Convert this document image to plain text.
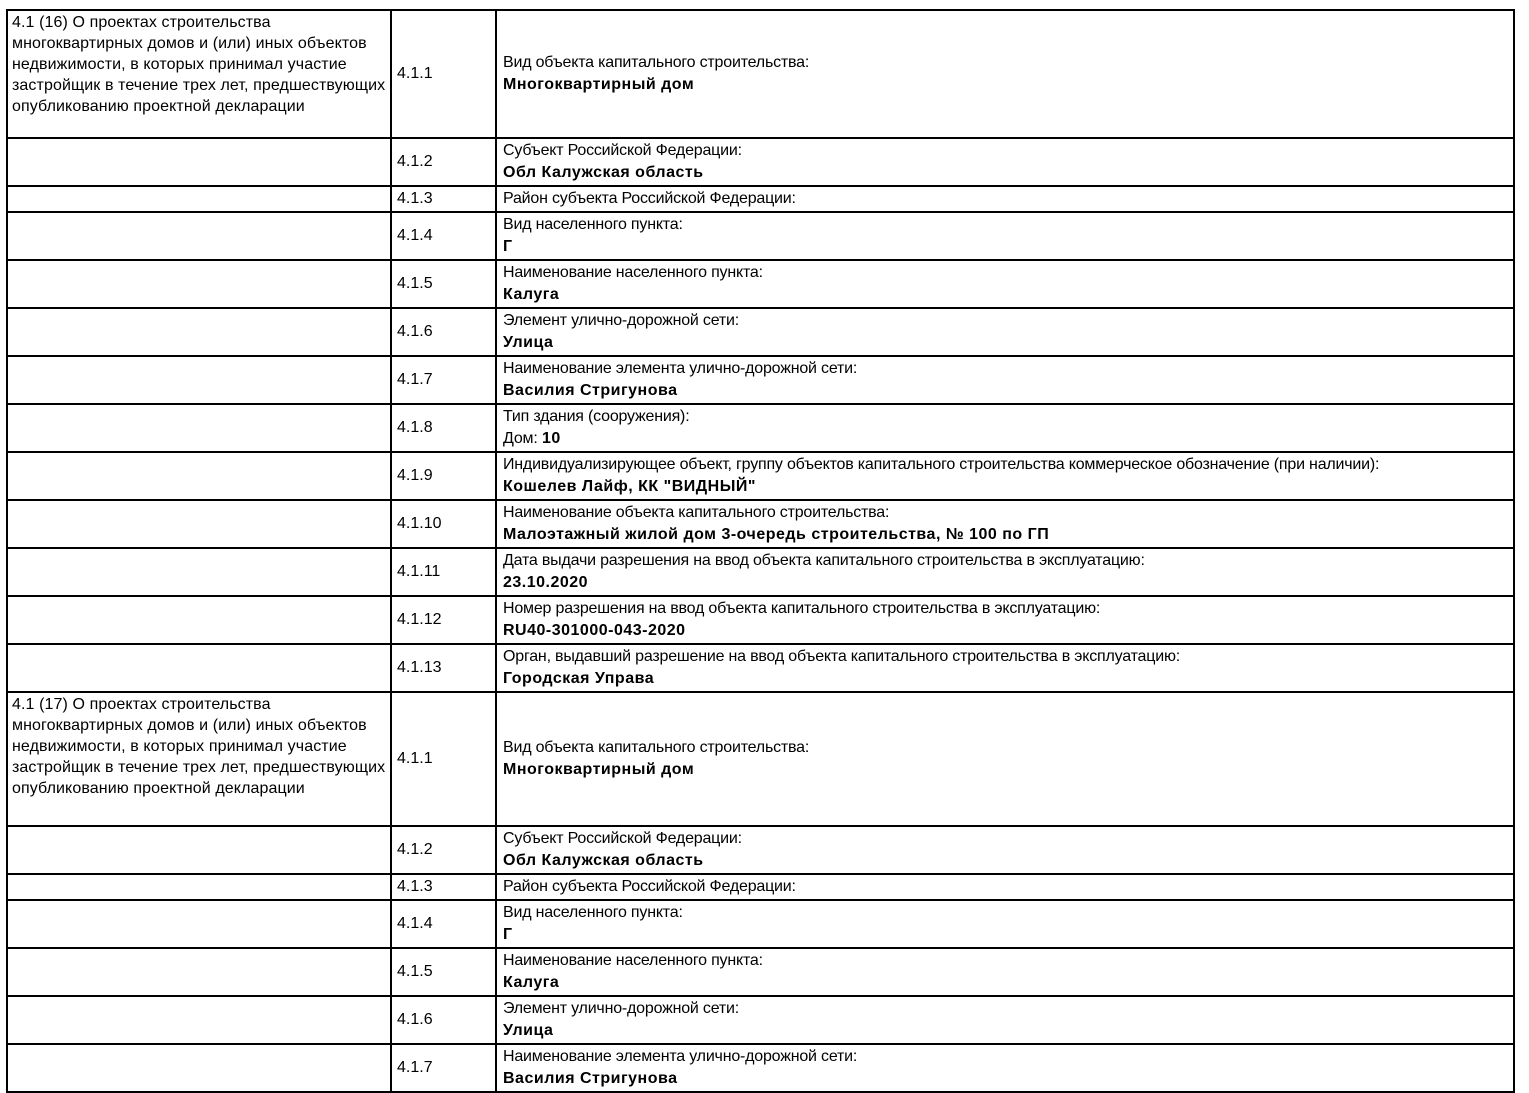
4.1 (16) О проектах строительства многоквартирных домов и (или) иных объектов недвижимости, в которых принимал участие застройщик в течение трех лет, предшествующих опубликованию проектной декларации	4.1.1	Вид объекта капитального строительства:
Многоквартирный дом

	4.1.2	Субъект Российской Федерации:
Обл Калужская область

	4.1.3	Район субъекта Российской Федерации:

	4.1.4	Вид населенного пункта:
Г

	4.1.5	Наименование населенного пункта:
Калуга

	4.1.6	Элемент улично-дорожной сети:
Улица

	4.1.7	Наименование элемента улично-дорожной сети:
Василия Стригунова

	4.1.8	Тип здания (сооружения):
Дом: 10

	4.1.9	Индивидуализирующее объект, группу объектов капитального строительства коммерческое обозначение (при наличии):
Кошелев Лайф, КК "ВИДНЫЙ"

	4.1.10	Наименование объекта капитального строительства:
Малоэтажный жилой дом 3-очередь строительства, № 100 по ГП

	4.1.11	Дата выдачи разрешения на ввод объекта капитального строительства в эксплуатацию:
23.10.2020

	4.1.12	Номер разрешения на ввод объекта капитального строительства в эксплуатацию:
RU40-301000-043-2020

	4.1.13	Орган, выдавший разрешение на ввод объекта капитального строительства в эксплуатацию:
Городская Управа

4.1 (17) О проектах строительства многоквартирных домов и (или) иных объектов недвижимости, в которых принимал участие застройщик в течение трех лет, предшествующих опубликованию проектной декларации	4.1.1	Вид объекта капитального строительства:
Многоквартирный дом

	4.1.2	Субъект Российской Федерации:
Обл Калужская область

	4.1.3	Район субъекта Российской Федерации:

	4.1.4	Вид населенного пункта:
Г

	4.1.5	Наименование населенного пункта:
Калуга

	4.1.6	Элемент улично-дорожной сети:
Улица

	4.1.7	Наименование элемента улично-дорожной сети:
Василия Стригунова
